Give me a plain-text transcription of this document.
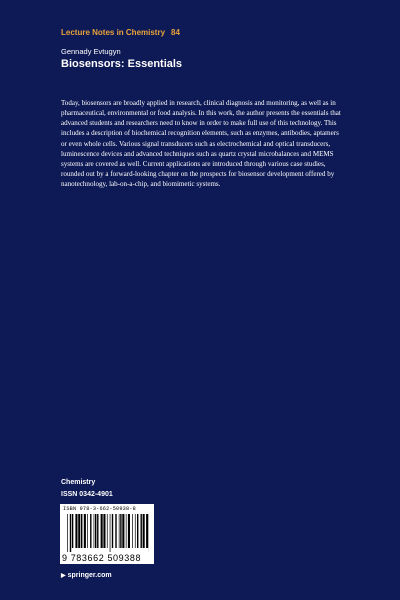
Lecture Notes in Chemistry 84
Gennady Evtugyn
Biosensors: Essentials
Today, biosensors are broadly applied in research, clinical diagnosis and monitoring, as well as in pharmaceutical, environmental or food analysis. In this work, the author presents the essentials that advanced students and researchers need to know in order to make full use of this technology. This includes a description of biochemical recognition elements, such as enzymes, antibodies, aptamers or even whole cells. Various signal transducers such as electrochemical and optical transducers, luminescence devices and advanced techniques such as quartz crystal microbalances and MEMS systems are covered as well. Current applications are introduced through various case studies, rounded out by a forward-looking chapter on the prospects for biosensor development offered by nanotechnology, lab-on-a-chip, and biomimetic systems.
Chemistry
ISSN 0342-4901
ISBN 978-3-662-50938-8
9 783662 509388
▶ springer.com
